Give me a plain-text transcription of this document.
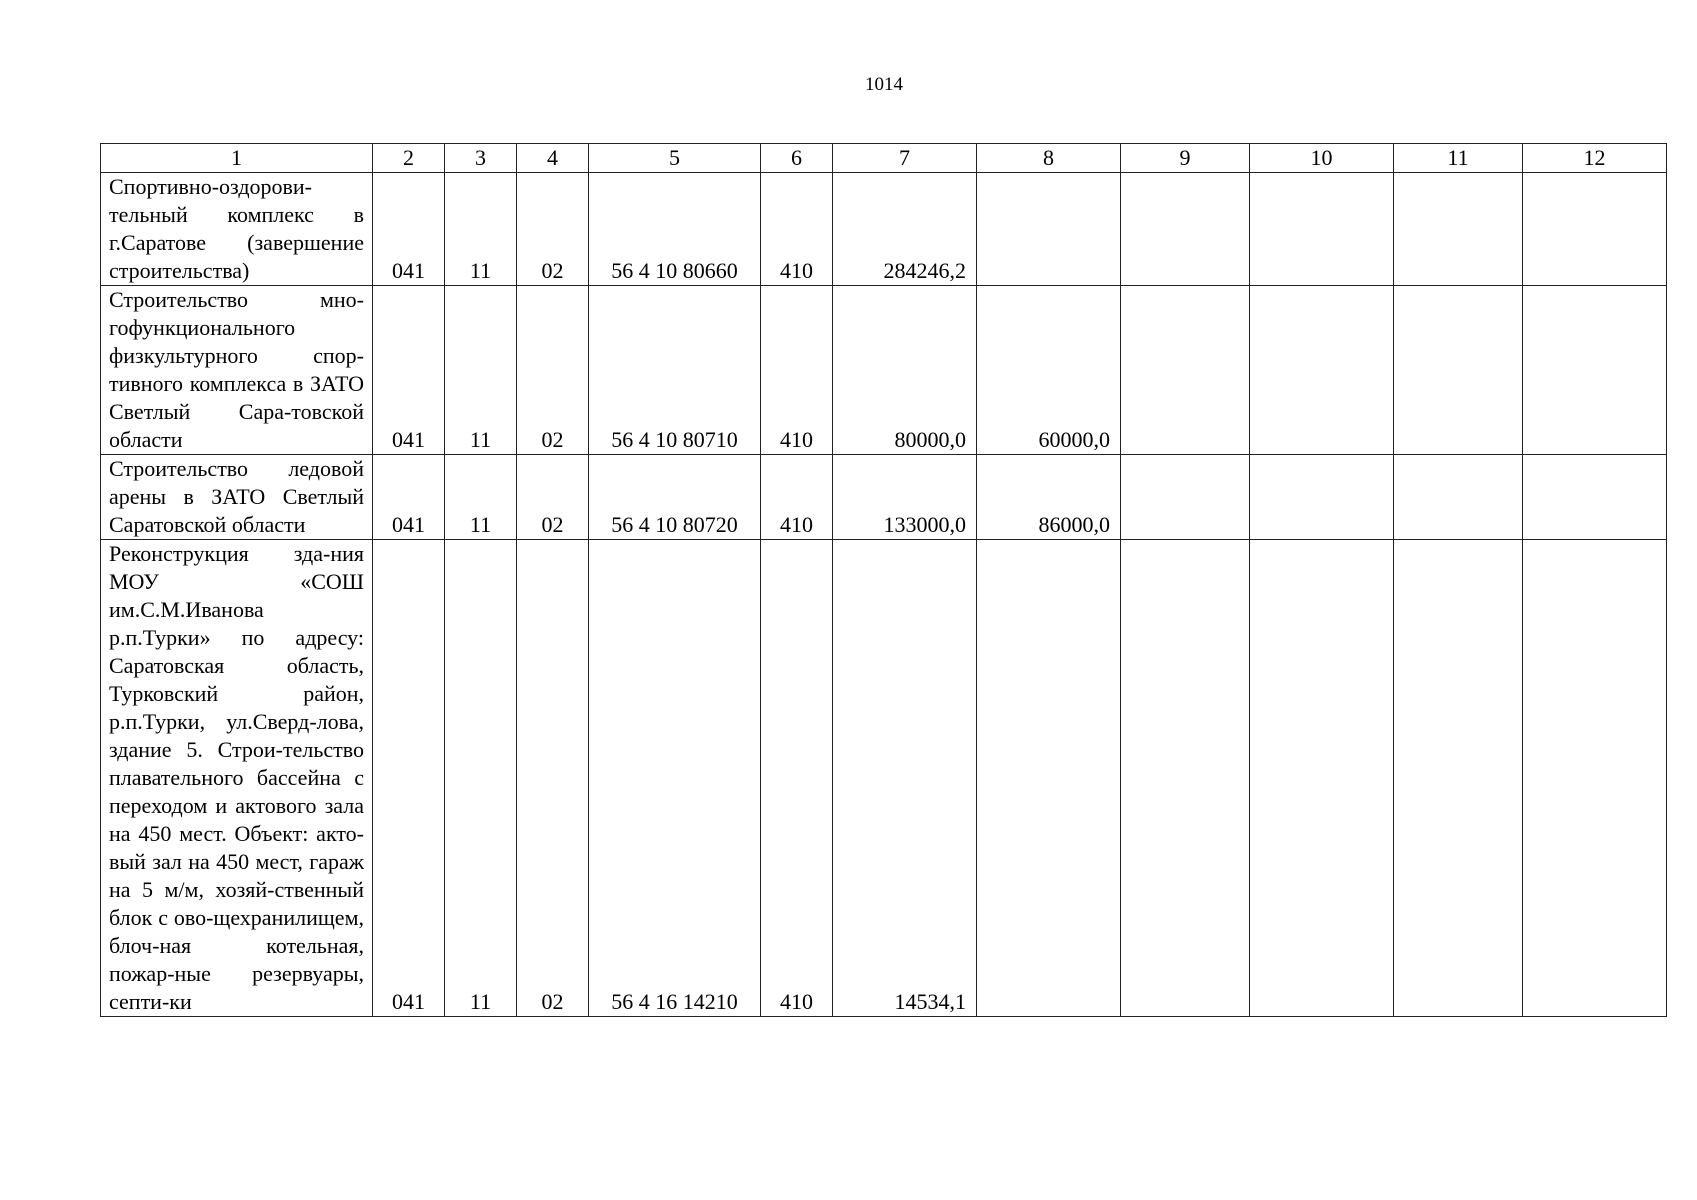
1014
1	2	3	4	5	6	7	8	9	10	11	12
Спортивно-оздорови-тельный комплекс в г.Саратове (завершение строительства)	041	11	02	56 4 10 80660	410	284246,2					
Строительство мно-гофункционального физкультурного спор-тивного комплекса в ЗАТО Светлый Сара-товской области	041	11	02	56 4 10 80710	410	80000,0	60000,0				
Строительство ледовой арены в ЗАТО Светлый Саратовской области	041	11	02	56 4 10 80720	410	133000,0	86000,0				
Реконструкция зда-ния МОУ «СОШ им.С.М.Иванова р.п.Турки» по адресу: Саратовская область, Турковский район, р.п.Турки, ул.Сверд-лова, здание 5. Строи-тельство плавательного бассейна с переходом и актового зала на 450 мест. Объект: акто-вый зал на 450 мест, гараж на 5 м/м, хозяй-ственный блок с ово-щехранилищем, блоч-ная котельная, пожар-ные резервуары, септи-ки	041	11	02	56 4 16 14210	410	14534,1					
